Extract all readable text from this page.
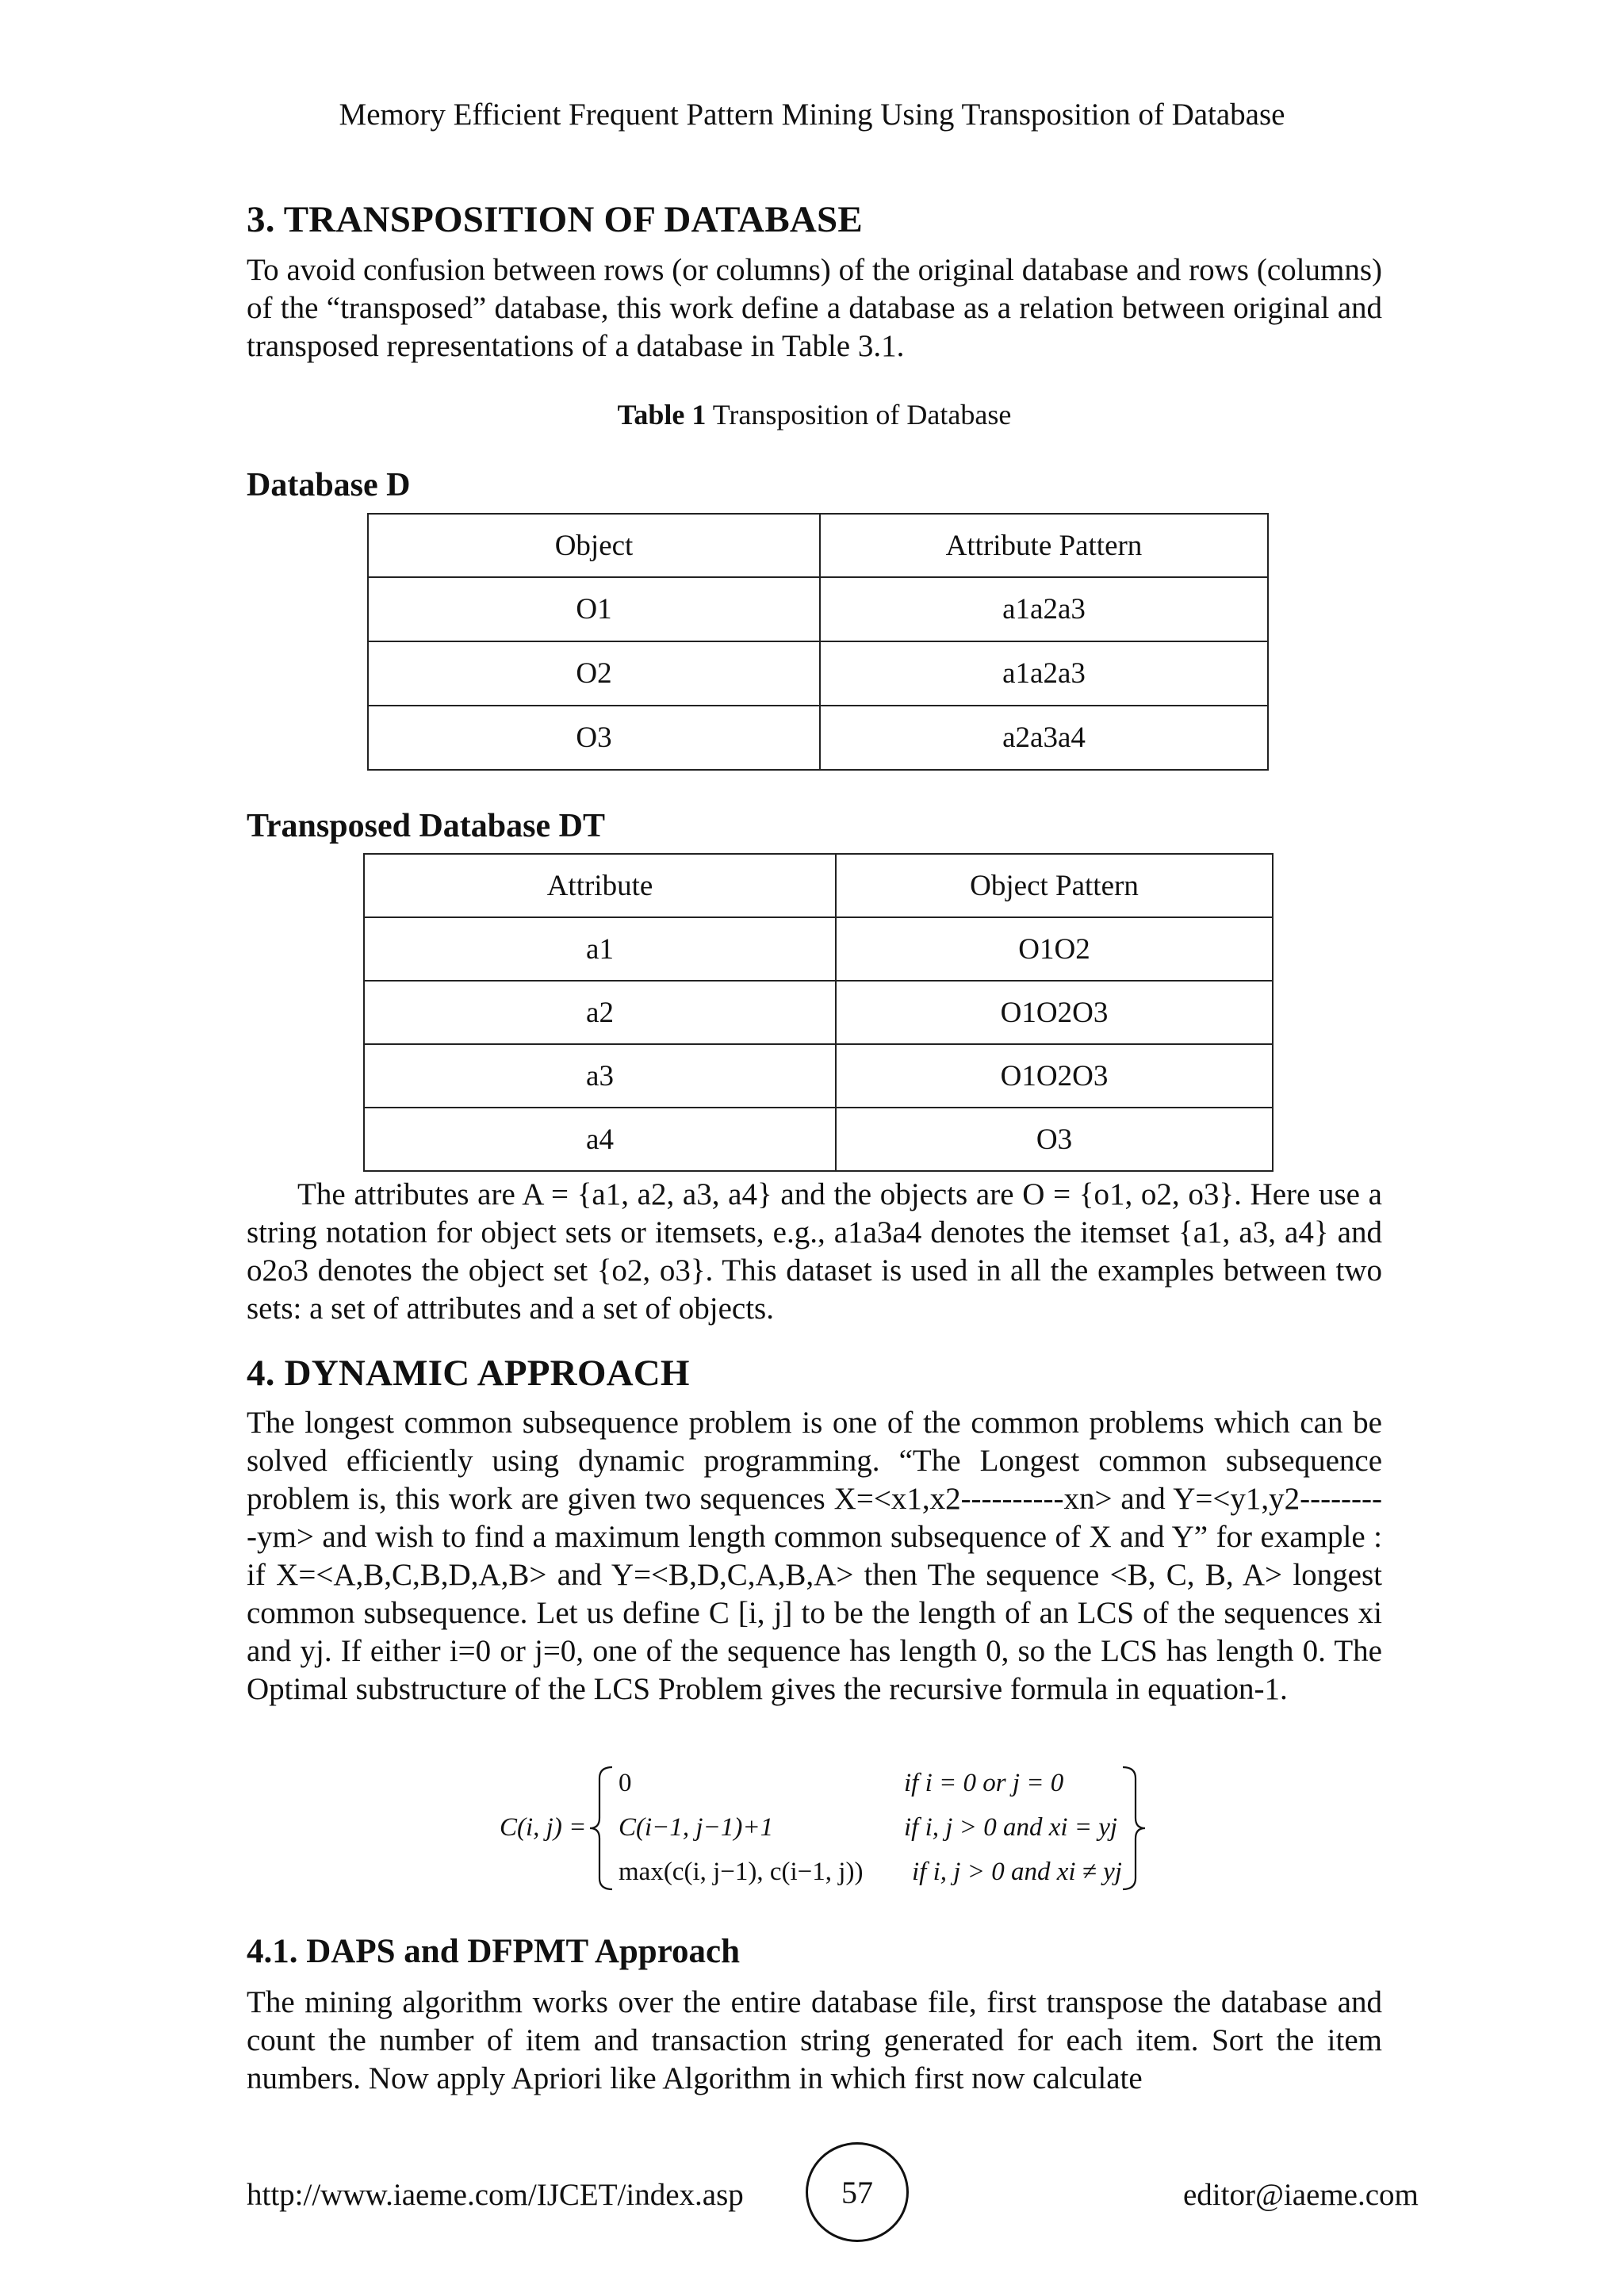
Memory Efficient Frequent Pattern Mining Using Transposition of Database
3. TRANSPOSITION OF DATABASE

To avoid confusion between rows (or columns) of the original database and rows (columns) of the “transposed” database, this work define a database as a relation between original and transposed representations of a database in Table 3.1.

Table 1 Transposition of Database
Database D
Object	Attribute Pattern
O1	a1a2a3
O2	a1a2a3
O3	a2a3a4
Transposed Database DT
Attribute	Object Pattern
a1	O1O2
a2	O1O2O3
a3	O1O2O3
a4	O3

The attributes are A = {a1, a2, a3, a4} and the objects are O = {o1, o2, o3}. Here use a string notation for object sets or itemsets, e.g., a1a3a4 denotes the itemset {a1, a3, a4} and o2o3 denotes the object set {o2, o3}. This dataset is used in all the examples between two sets: a set of attributes and a set of objects.

4. DYNAMIC APPROACH

The longest common subsequence problem is one of the common problems which can be solved efficiently using dynamic programming. “The Longest common subsequence problem is, this work are given two sequences X=<x1,x2----------xn> and Y=<y1,y2---------ym> and wish to find a maximum length common subsequence of X and Y” for example : if X=<A,B,C,B,D,A,B> and Y=<B,D,C,A,B,A> then The sequence <B, C, B, A> longest common subsequence. Let us define C [i, j] to be the length of an LCS of the sequences xi and yj. If either i=0 or j=0, one of the sequence has length 0, so the LCS has length 0. The Optimal substructure of the LCS Problem gives the recursive formula in equation-1.

C(i, j) =
0
C(i−1, j−1)+1
max(c(i, j−1), c(i−1, j))
if i = 0 or j = 0
if i, j > 0 and xi = yj
if i, j > 0 and xi ≠ yj
4.1. DAPS and DFPMT Approach

The mining algorithm works over the entire database file, first transpose the database and count the number of item and transaction string generated for each item. Sort the item numbers. Now apply Apriori like Algorithm in which first now calculate

http://www.iaeme.com/IJCET/index.asp	57	editor@iaeme.com
